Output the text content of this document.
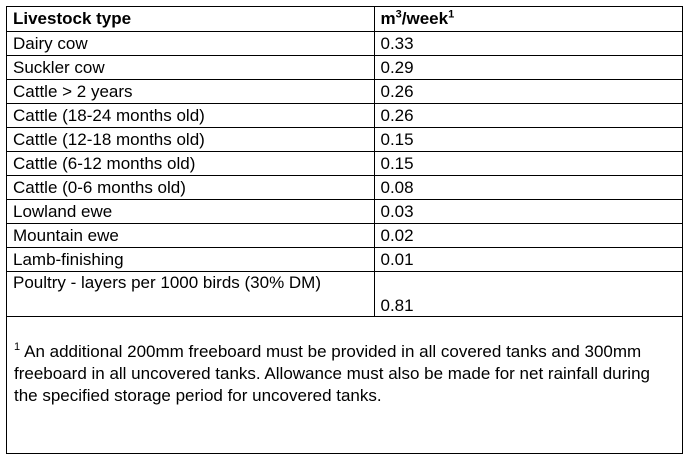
Livestock type	$m^3/week^1$
Dairy cow	0.33
Suckler cow	0.29
Cattle > 2 years	0.26
Cattle (18-24 months old)	0.26
Cattle (12-18 months old)	0.15
Cattle (6-12 months old)	0.15
Cattle (0-6 months old)	0.08
Lowland ewe	0.03
Mountain ewe	0.02
Lamb-finishing	0.01
Poultry - layers per 1000 birds (30% DM)	0.81
$^1$ An additional 200mm freeboard must be provided in all covered tanks and 300mm freeboard in all uncovered tanks. Allowance must also be made for net rainfall during the specified storage period for uncovered tanks.
